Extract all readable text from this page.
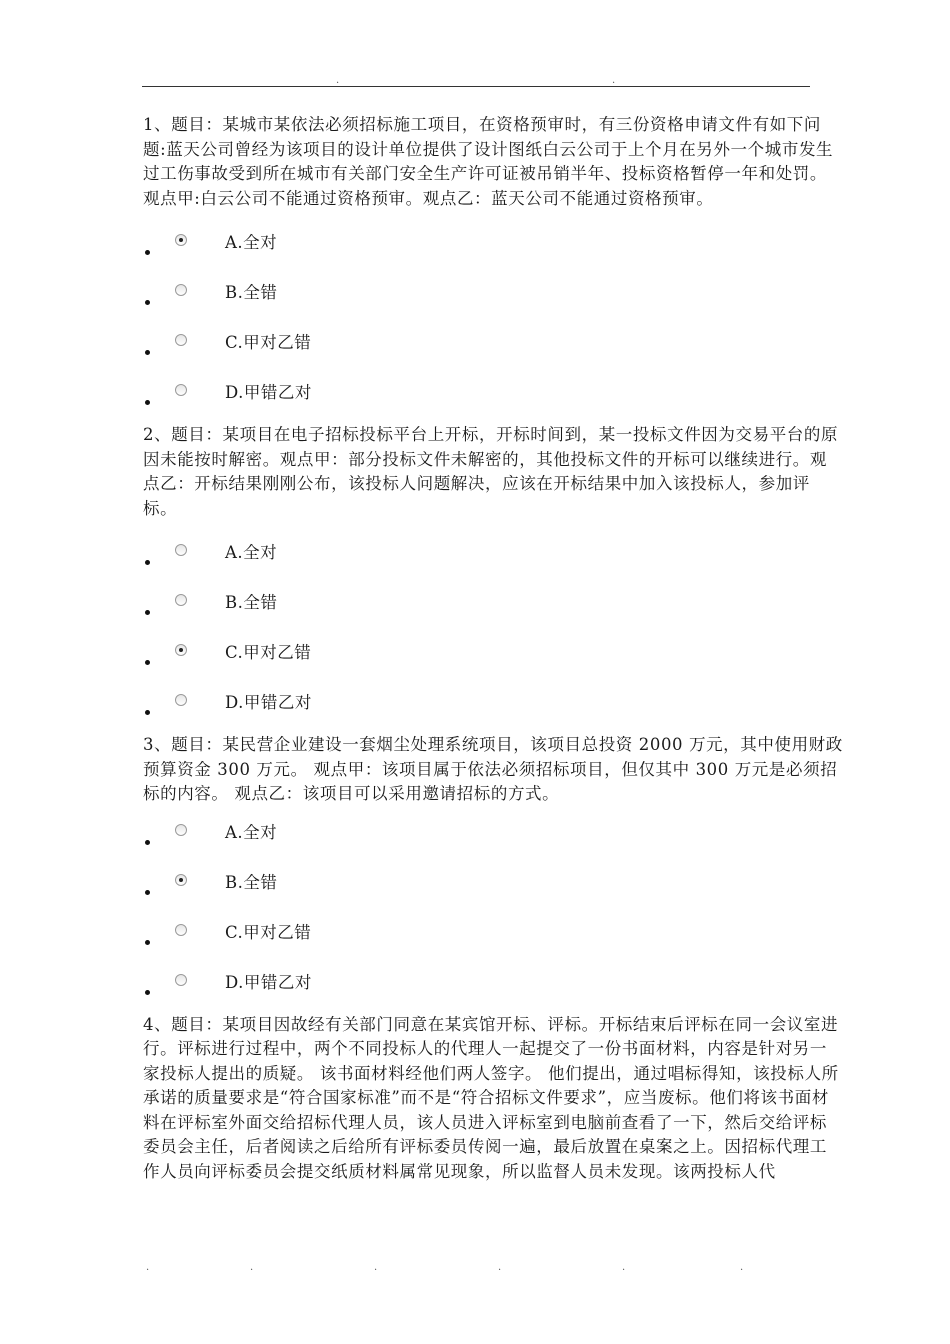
.	.

1、题目：某城市某依法必须招标施工项目，在资格预审时，有三份资格申请文件有如下问题:蓝天公司曾经为该项目的设计单位提供了设计图纸白云公司于上个月在另外一个城市发生过工伤事故受到所在城市有关部门安全生产许可证被吊销半年、投标资格暂停一年和处罚。观点甲:白云公司不能通过资格预审。观点乙：蓝天公司不能通过资格预审。

A.全对
B.全错
C.甲对乙错
D.甲错乙对

2、题目：某项目在电子招标投标平台上开标，开标时间到，某一投标文件因为交易平台的原因未能按时解密。观点甲：部分投标文件未解密的，其他投标文件的开标可以继续进行。观点乙：开标结果刚刚公布，该投标人问题解决，应该在开标结果中加入该投标人，参加评标。

A.全对
B.全错
C.甲对乙错
D.甲错乙对

3、题目：某民营企业建设一套烟尘处理系统项目，该项目总投资 2000 万元，其中使用财政预算资金 300 万元。 观点甲：该项目属于依法必须招标项目，但仅其中 300 万元是必须招标的内容。 观点乙：该项目可以采用邀请招标的方式。

A.全对
B.全错
C.甲对乙错
D.甲错乙对

4、题目：某项目因故经有关部门同意在某宾馆开标、评标。开标结束后评标在同一会议室进行。评标进行过程中，两个不同投标人的代理人一起提交了一份书面材料，内容是针对另一家投标人提出的质疑。 该书面材料经他们两人签字。 他们提出，通过唱标得知，该投标人所承诺的质量要求是“符合国家标准”而不是“符合招标文件要求”，应当废标。他们将该书面材料在评标室外面交给招标代理人员，该人员进入评标室到电脑前查看了一下，然后交给评标委员会主任，后者阅读之后给所有评标委员传阅一遍，最后放置在桌案之上。因招标代理工作人员向评标委员会提交纸质材料属常见现象，所以监督人员未发现。该两投标人代

.	.	.	.	.	.
